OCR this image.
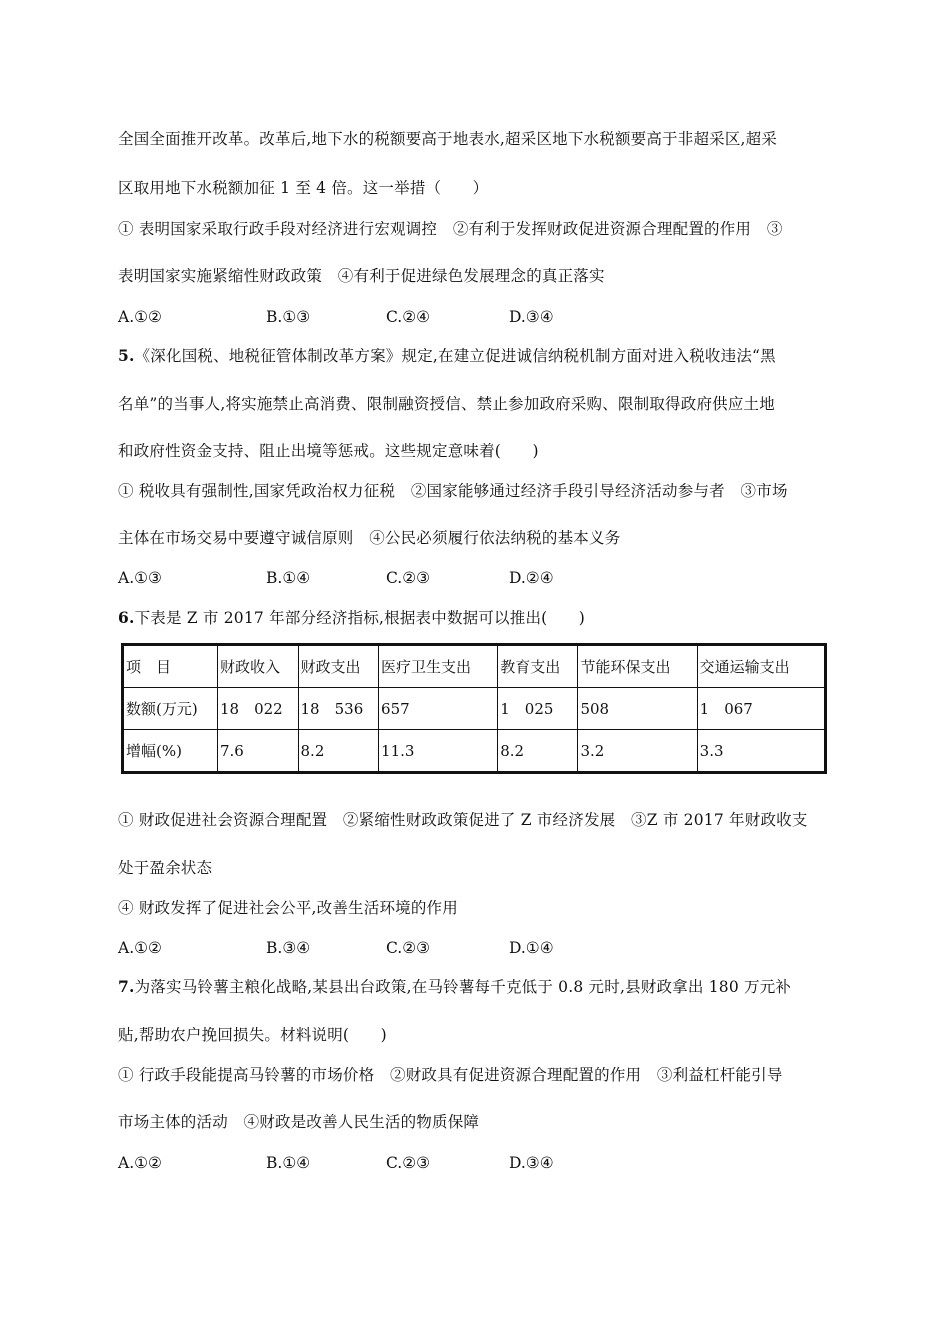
全国全面推开改革。改革后,地下水的税额要高于地表水,超采区地下水税额要高于非超采区,超采
区取用地下水税额加征 1 至 4 倍。这一举措（　　）
① 表明国家采取行政手段对经济进行宏观调控　②有利于发挥财政促进资源合理配置的作用　③
表明国家实施紧缩性财政政策　④有利于促进绿色发展理念的真正落实
A.①②	B.①③	C.②④	D.③④
5.《深化国税、地税征管体制改革方案》规定,在建立促进诚信纳税机制方面对进入税收违法“黑
名单”的当事人,将实施禁止高消费、限制融资授信、禁止参加政府采购、限制取得政府供应土地
和政府性资金支持、阻止出境等惩戒。这些规定意味着(　　)
① 税收具有强制性,国家凭政治权力征税　②国家能够通过经济手段引导经济活动参与者　③市场
主体在市场交易中要遵守诚信原则　④公民必须履行依法纳税的基本义务
A.①③	B.①④	C.②③	D.②④
6.下表是 Z 市 2017 年部分经济指标,根据表中数据可以推出(　　)
项　目	财政收入	财政支出	医疗卫生支出	教育支出	节能环保支出	交通运输支出
数额(万元)	18　022	18　536	657	1　025	508	1　067
增幅(%)	7.6	8.2	11.3	8.2	3.2	3.3
① 财政促进社会资源合理配置　②紧缩性财政政策促进了 Z 市经济发展　③Z 市 2017 年财政收支
处于盈余状态
④ 财政发挥了促进社会公平,改善生活环境的作用
A.①②	B.③④	C.②③	D.①④
7.为落实马铃薯主粮化战略,某县出台政策,在马铃薯每千克低于 0.8 元时,县财政拿出 180 万元补
贴,帮助农户挽回损失。材料说明(　　)
① 行政手段能提高马铃薯的市场价格　②财政具有促进资源合理配置的作用　③利益杠杆能引导
市场主体的活动　④财政是改善人民生活的物质保障
A.①②	B.①④	C.②③	D.③④
